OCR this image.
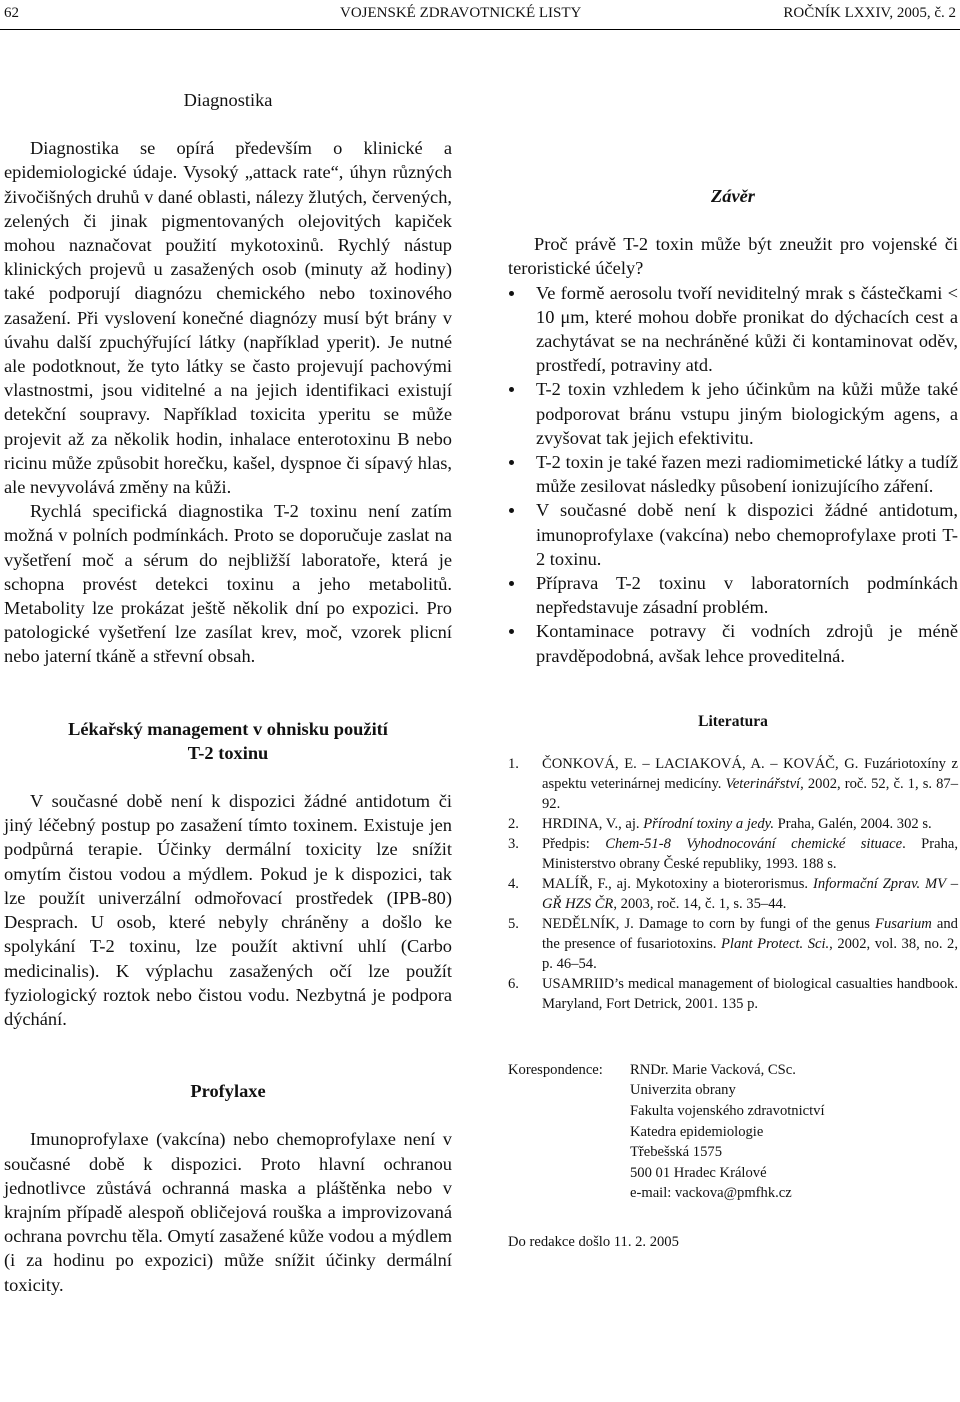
62	VOJENSKÉ ZDRAVOTNICKÉ LISTY	ROČNÍK LXXIV, 2005, č. 2
Diagnostika

Diagnostika se opírá především o klinické a epidemiologické údaje. Vysoký „attack rate“, úhyn různých živočišných druhů v dané oblasti, nálezy žlutých, červených, zelených či jinak pigmentovaných olejovitých kapiček mohou naznačovat použití mykotoxinů. Rychlý nástup klinických projevů u zasažených osob (minuty až hodiny) také podporují diagnózu chemického nebo toxinového zasažení. Při vyslovení konečné diagnózy musí být brány v úvahu další zpuchýřující látky (například yperit). Je nutné ale podotknout, že tyto látky se často projevují pachovými vlastnostmi, jsou viditelné a na jejich identifikaci existují detekční soupravy. Například toxicita yperitu se může projevit až za několik hodin, inhalace enterotoxinu B nebo ricinu může způsobit horečku, kašel, dyspnoe či sípavý hlas, ale nevyvolává změny na kůži.

Rychlá specifická diagnostika T-2 toxinu není zatím možná v polních podmínkách. Proto se doporučuje zaslat na vyšetření moč a sérum do nejbližší laboratoře, která je schopna provést detekci toxinu a jeho metabolitů. Metabolity lze prokázat ještě několik dní po expozici. Pro patologické vyšetření lze zasílat krev, moč, vzorek plicní nebo jaterní tkáně a střevní obsah.

Lékařský management v ohnisku použití
T-2 toxinu

V současné době není k dispozici žádné antidotum či jiný léčebný postup po zasažení tímto toxinem. Existuje jen podpůrná terapie. Účinky dermální toxicity lze snížit omytím čistou vodou a mýdlem. Pokud je k dispozici, tak lze použít univerzální odmořovací prostředek (IPB-80) Desprach. U osob, které nebyly chráněny a došlo ke spolykání T-2 toxinu, lze použít aktivní uhlí (Carbo medicinalis). K výplachu zasažených očí lze použít fyziologický roztok nebo čistou vodu. Nezbytná je podpora dýchání.

Profylaxe

Imunoprofylaxe (vakcína) nebo chemoprofylaxe není v současné době k dispozici. Proto hlavní ochranou jednotlivce zůstává ochranná maska a pláštěnka nebo v krajním případě alespoň obličejová rouška a improvizovaná ochrana povrchu těla. Omytí zasažené kůže vodou a mýdlem (i za hodinu po expozici) může snížit účinky dermální toxicity.

Závěr

Proč právě T-2 toxin může být zneužit pro vojenské či teroristické účely?

Ve formě aerosolu tvoří neviditelný mrak s částečkami < 10 μm, které mohou dobře pronikat do dýchacích cest a zachytávat se na nechráněné kůži či kontaminovat oděv, prostředí, potraviny atd.
T-2 toxin vzhledem k jeho účinkům na kůži může také podporovat bránu vstupu jiným biologickým agens, a zvyšovat tak jejich efektivitu.
T-2 toxin je také řazen mezi radiomimetické látky a tudíž může zesilovat následky působení ionizujícího záření.
V současné době není k dispozici žádné antidotum, imunoprofylaxe (vakcína) nebo chemoprofylaxe proti T-2 toxinu.
Příprava T-2 toxinu v laboratorních podmínkách nepředstavuje zásadní problém.
Kontaminace potravy či vodních zdrojů je méně pravděpodobná, avšak lehce proveditelná.
Literatura
1. ČONKOVÁ, E. – LACIAKOVÁ, A. – KOVÁČ, G. Fuzáriotoxíny z aspektu veterinárnej medicíny. Veterinářství, 2002, roč. 52, č. 1, s. 87–92.
2. HRDINA, V., aj. Přírodní toxiny a jedy. Praha, Galén, 2004. 302 s.
3. Předpis: Chem-51-8 Vyhodnocování chemické situace. Praha, Ministerstvo obrany České republiky, 1993. 188 s.
4. MALÍŘ, F., aj. Mykotoxiny a bioterorismus. Informační Zprav. MV – GŘ HZS ČR, 2003, roč. 14, č. 1, s. 35–44.
5. NEDĚLNÍK, J. Damage to corn by fungi of the genus Fusarium and the presence of fusariotoxins. Plant Protect. Sci., 2002, vol. 38, no. 2, p. 46–54.
6. USAMRIID’s medical management of biological casualties handbook. Maryland, Fort Detrick, 2001. 135 p.
Korespondence:	RNDr. Marie Vacková, CSc.
Univerzita obrany
Fakulta vojenského zdravotnictví
Katedra epidemiologie
Třebešská 1575
500 01 Hradec Králové
e-mail: vackova@pmfhk.cz
Do redakce došlo 11. 2. 2005
